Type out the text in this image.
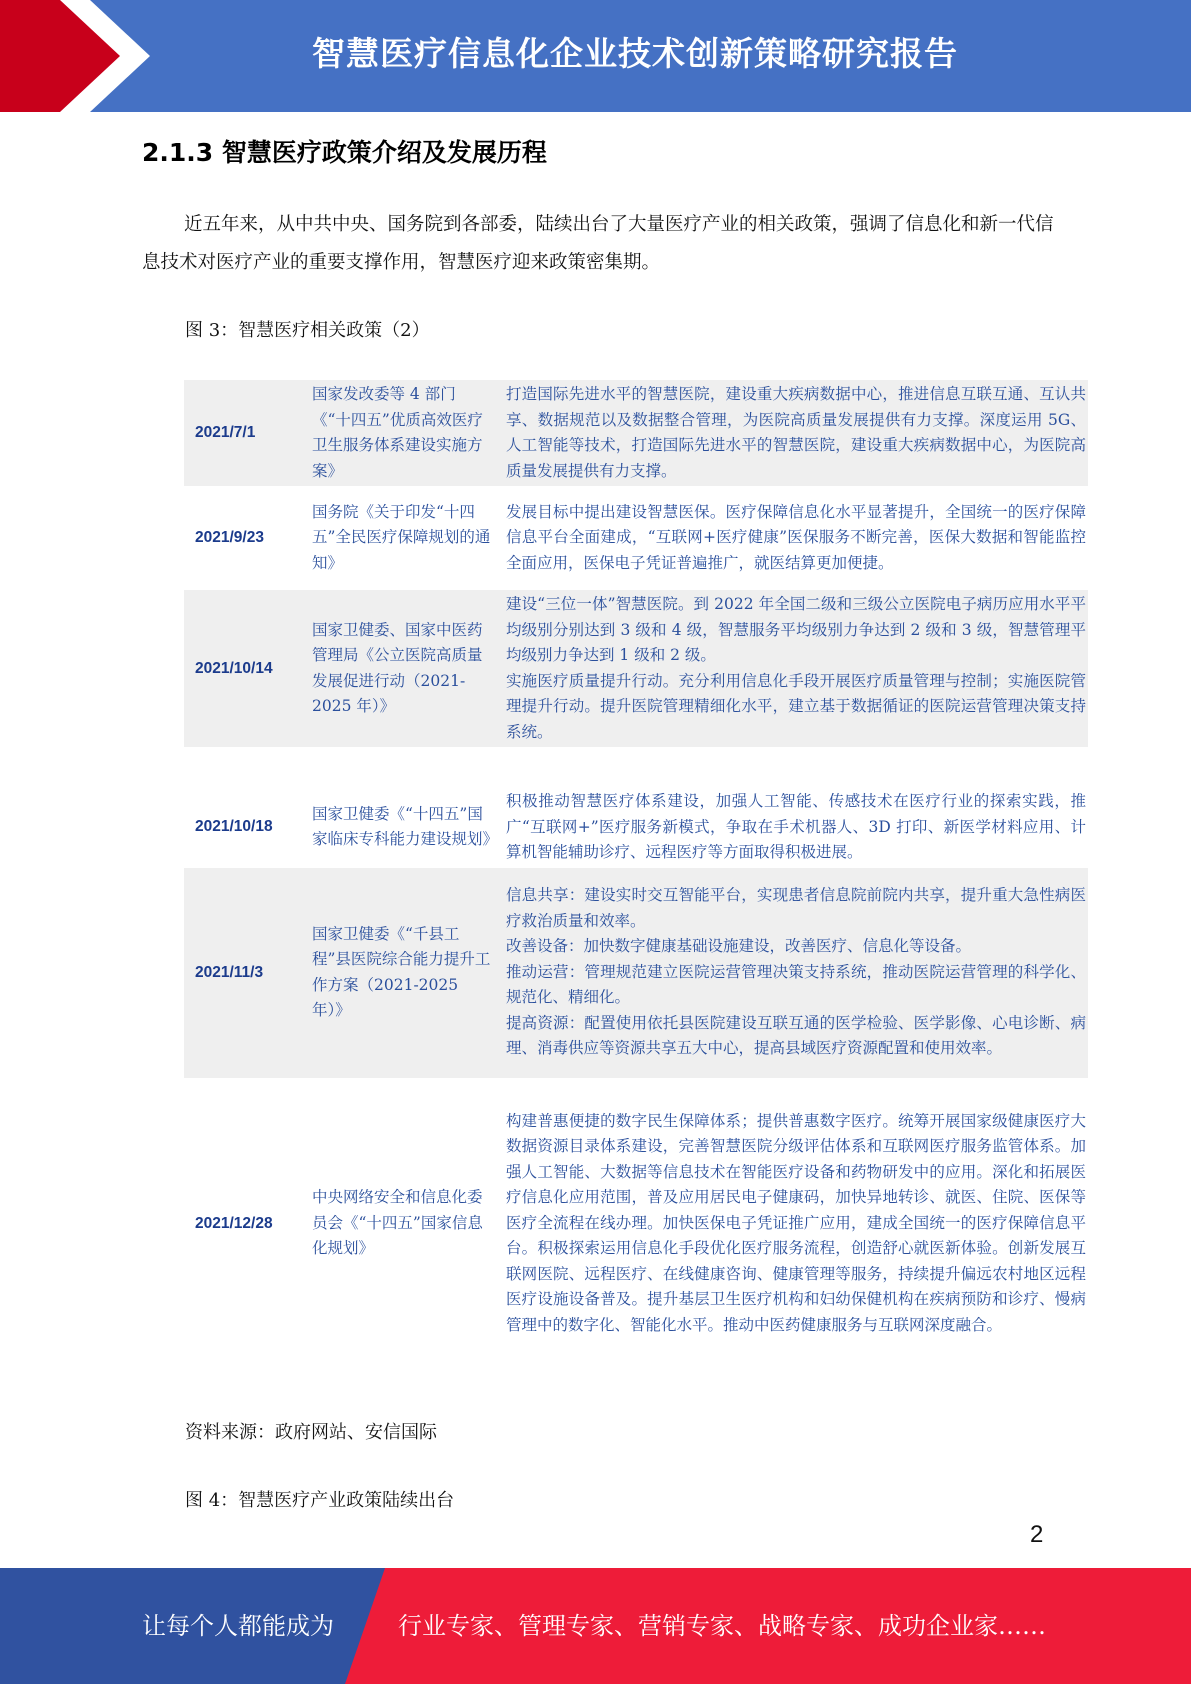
智慧医疗信息化企业技术创新策略研究报告
2.1.3 智慧医疗政策介绍及发展历程
近五年来，从中共中央、国务院到各部委，陆续出台了大量医疗产业的相关政策，强调了信息化和新一代信息技术对医疗产业的重要支撑作用，智慧医疗迎来政策密集期。
图 3：智慧医疗相关政策（2）
2021/7/1	国家发改委等 4 部门《“十四五”优质高效医疗卫生服务体系建设实施方案》	打造国际先进水平的智慧医院，建设重大疾病数据中心，推进信息互联互通、互认共享、数据规范以及数据整合管理，为医院高质量发展提供有力支撑。深度运用 5G、人工智能等技术，打造国际先进水平的智慧医院，建设重大疾病数据中心，为医院高质量发展提供有力支撑。

2021/9/23	国务院《关于印发“十四五”全民医疗保障规划的通知》	发展目标中提出建设智慧医保。医疗保障信息化水平显著提升，全国统一的医疗保障信息平台全面建成，“互联网+医疗健康”医保服务不断完善，医保大数据和智能监控全面应用，医保电子凭证普遍推广，就医结算更加便捷。

2021/10/14	国家卫健委、国家中医药管理局《公立医院高质量发展促进行动（2021-2025 年）》	建设“三位一体”智慧医院。到 2022 年全国二级和三级公立医院电子病历应用水平平均级别分别达到 3 级和 4 级，智慧服务平均级别力争达到 2 级和 3 级，智慧管理平均级别力争达到 1 级和 2 级。
实施医疗质量提升行动。充分利用信息化手段开展医疗质量管理与控制；实施医院管理提升行动。提升医院管理精细化水平，建立基于数据循证的医院运营管理决策支持系统。
2021/10/18	国家卫健委《“十四五”国家临床专科能力建设规划》	积极推动智慧医疗体系建设，加强人工智能、传感技术在医疗行业的探索实践，推广“互联网+”医疗服务新模式，争取在手术机器人、3D 打印、新医学材料应用、计算机智能辅助诊疗、远程医疗等方面取得积极进展。

2021/11/3	国家卫健委《“千县工程”县医院综合能力提升工作方案（2021-2025 年）》	信息共享：建设实时交互智能平台，实现患者信息院前院内共享，提升重大急性病医疗救治质量和效率。
改善设备：加快数字健康基础设施建设，改善医疗、信息化等设备。
推动运营：管理规范建立医院运营管理决策支持系统，推动医院运营管理的科学化、规范化、精细化。
提高资源：配置使用依托县医院建设互联互通的医学检验、医学影像、心电诊断、病理、消毒供应等资源共享五大中心，提高县域医疗资源配置和使用效率。

2021/12/28	中央网络安全和信息化委员会《“十四五”国家信息化规划》	构建普惠便捷的数字民生保障体系；提供普惠数字医疗。统筹开展国家级健康医疗大数据资源目录体系建设，完善智慧医院分级评估体系和互联网医疗服务监管体系。加强人工智能、大数据等信息技术在智能医疗设备和药物研发中的应用。深化和拓展医疗信息化应用范围，普及应用居民电子健康码，加快异地转诊、就医、住院、医保等医疗全流程在线办理。加快医保电子凭证推广应用，建成全国统一的医疗保障信息平台。积极探索运用信息化手段优化医疗服务流程，创造舒心就医新体验。创新发展互联网医院、远程医疗、在线健康咨询、健康管理等服务，持续提升偏远农村地区远程医疗设施设备普及。提升基层卫生医疗机构和妇幼保健机构在疾病预防和诊疗、慢病管理中的数字化、智能化水平。推动中医药健康服务与互联网深度融合。
资料来源：政府网站、安信国际
图 4：智慧医疗产业政策陆续出台
2
让每个人都能成为	行业专家、管理专家、营销专家、战略专家、成功企业家……
